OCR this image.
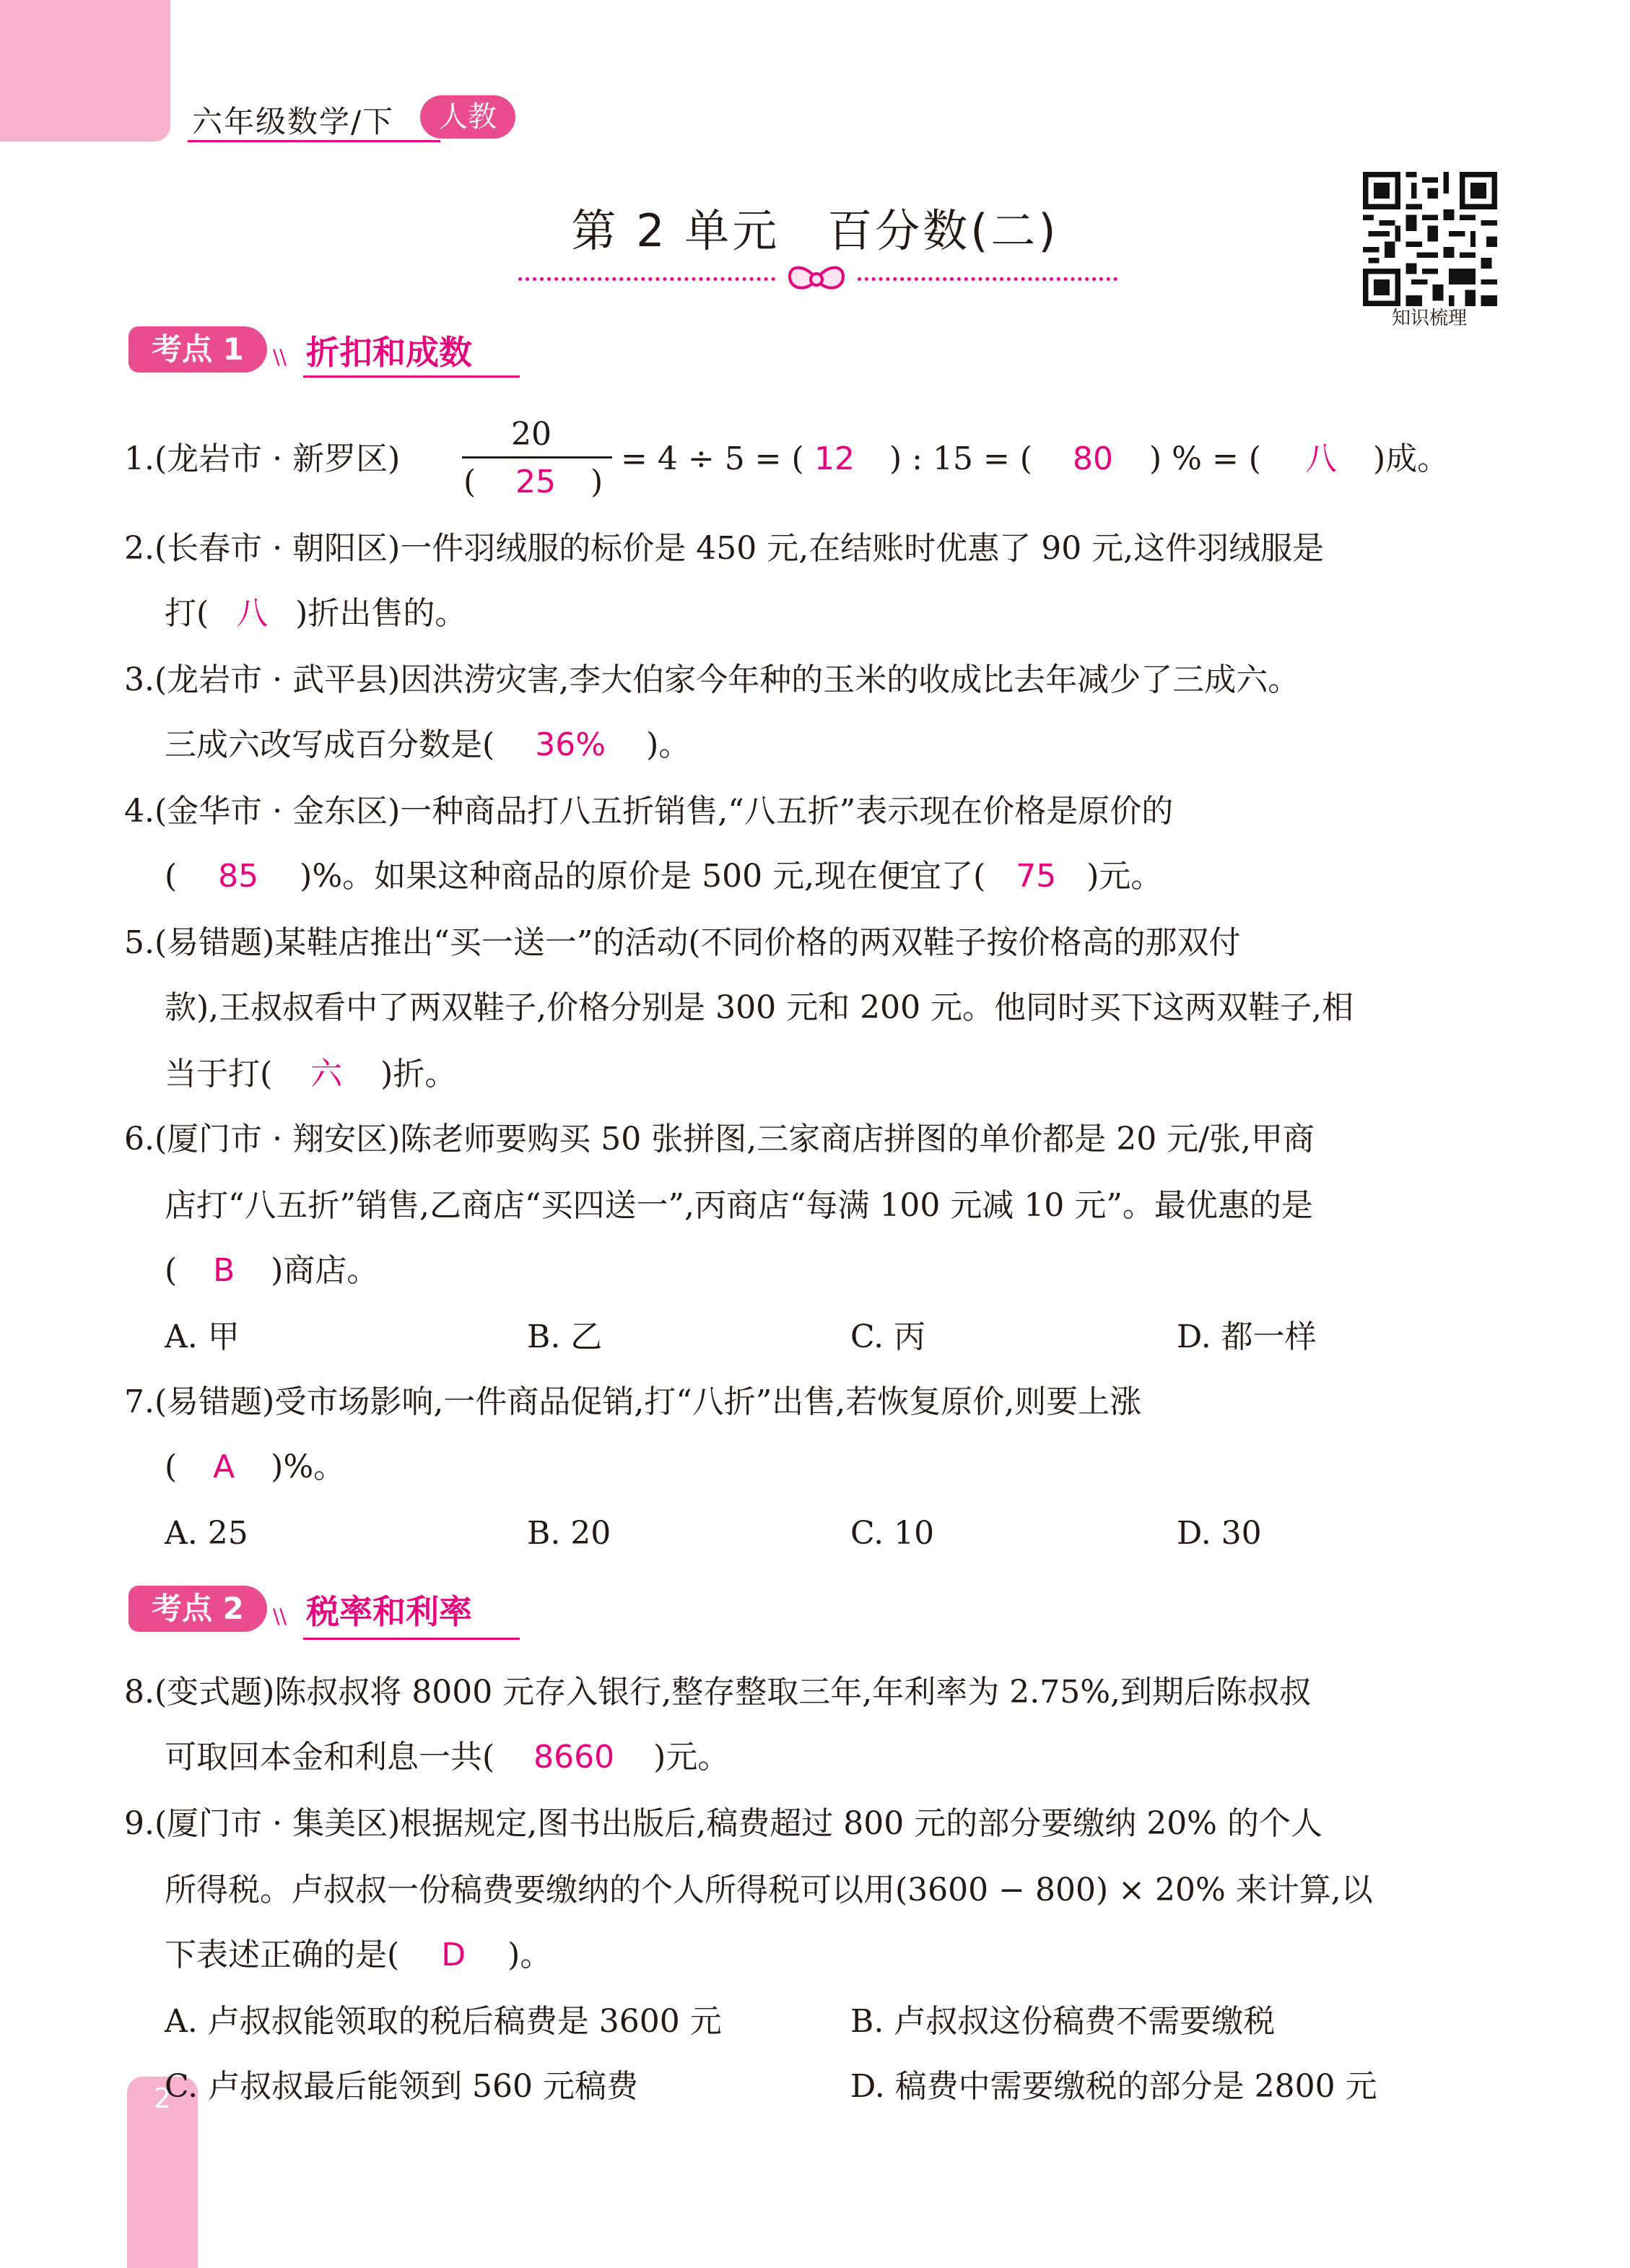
2
六年级数学/下	人教
第 2 单元　百分数(二)
知识梳理
考点 1	\\ 折扣和成数
1.(龙岩市 · 新罗区)
20
( 25 )
= 4 ÷ 5 = ( 12 ) : 15 = ( 80 ) % = ( 八 )成。
2.(长春市 · 朝阳区)一件羽绒服的标价是 450 元,在结账时优惠了 90 元,这件羽绒服是
打( 八 )折出售的。
3.(龙岩市 · 武平县)因洪涝灾害,李大伯家今年种的玉米的收成比去年减少了三成六。
三成六改写成百分数是( 36% )。
4.(金华市 · 金东区)一种商品打八五折销售,“八五折”表示现在价格是原价的
( 85 )%。如果这种商品的原价是 500 元,现在便宜了( 75 )元。
5.(易错题)某鞋店推出“买一送一”的活动(不同价格的两双鞋子按价格高的那双付
款),王叔叔看中了两双鞋子,价格分别是 300 元和 200 元。他同时买下这两双鞋子,相
当于打( 六 )折。
6.(厦门市 · 翔安区)陈老师要购买 50 张拼图,三家商店拼图的单价都是 20 元/张,甲商
店打“八五折”销售,乙商店“买四送一”,丙商店“每满 100 元减 10 元”。最优惠的是
( B )商店。
A. 甲	B. 乙	C. 丙	D. 都一样
7.(易错题)受市场影响,一件商品促销,打“八折”出售,若恢复原价,则要上涨
( A )%。
A. 25	B. 20	C. 10	D. 30
考点 2	\\ 税率和利率
8.(变式题)陈叔叔将 8000 元存入银行,整存整取三年,年利率为 2.75%,到期后陈叔叔
可取回本金和利息一共( 8660 )元。
9.(厦门市 · 集美区)根据规定,图书出版后,稿费超过 800 元的部分要缴纳 20% 的个人
所得税。卢叔叔一份稿费要缴纳的个人所得税可以用(3600 − 800) × 20% 来计算,以
下表述正确的是( D )。
A. 卢叔叔能领取的税后稿费是 3600 元	B. 卢叔叔这份稿费不需要缴税
C. 卢叔叔最后能领到 560 元稿费	D. 稿费中需要缴税的部分是 2800 元
